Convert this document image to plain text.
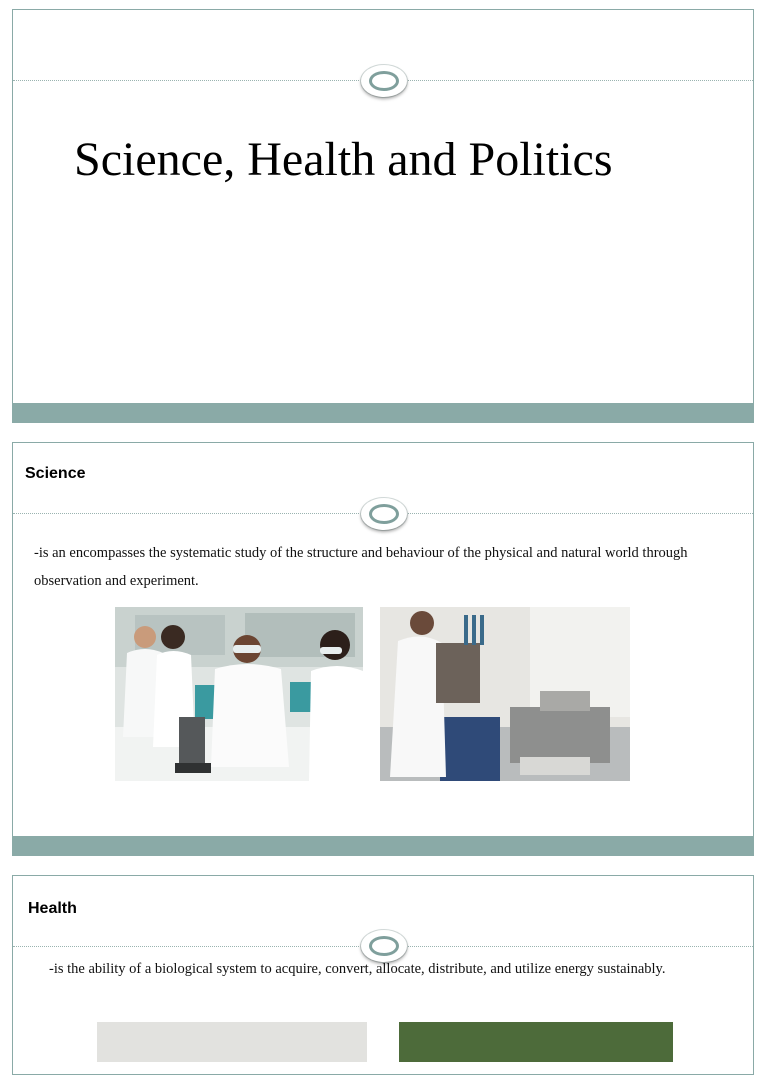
Science, Health and Politics
Science

-is an encompasses the systematic study of the structure and behaviour of the physical and natural world through observation and experiment.

Health

-is the ability of a biological system to acquire, convert, allocate, distribute, and utilize energy sustainably.
